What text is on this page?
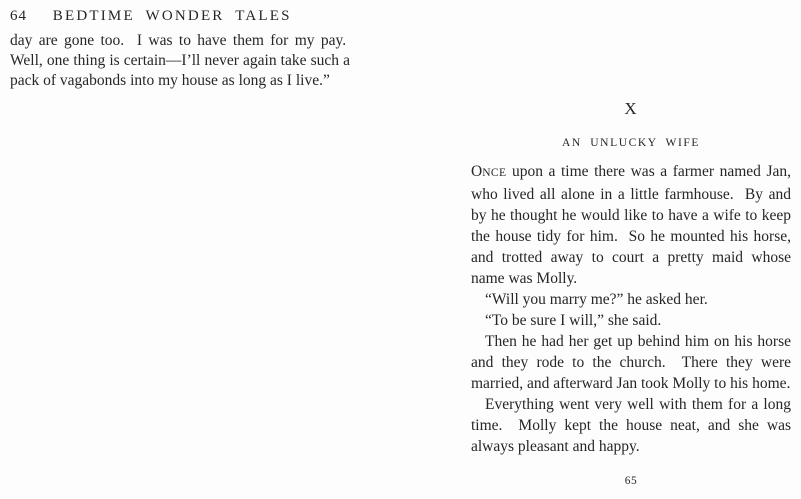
64 BEDTIME WONDER TALES

day are gone too.  I was to have them for my pay.  Well, one thing is certain—I’ll never again take such a pack of vagabonds into my house as long as I live.”

X
AN UNLUCKY WIFE

ONCE upon a time there was a farmer named Jan, who lived all alone in a little farmhouse.  By and by he thought he would like to have a wife to keep the house tidy for him.  So he mounted his horse, and trotted away to court a pretty maid whose name was Molly.

“Will you marry me?” he asked her.

“To be sure I will,” she said.

Then he had her get up behind him on his horse and they rode to the church.  There they were married, and afterward Jan took Molly to his home.

Everything went very well with them for a long time.  Molly kept the house neat, and she was always pleasant and happy.

65
